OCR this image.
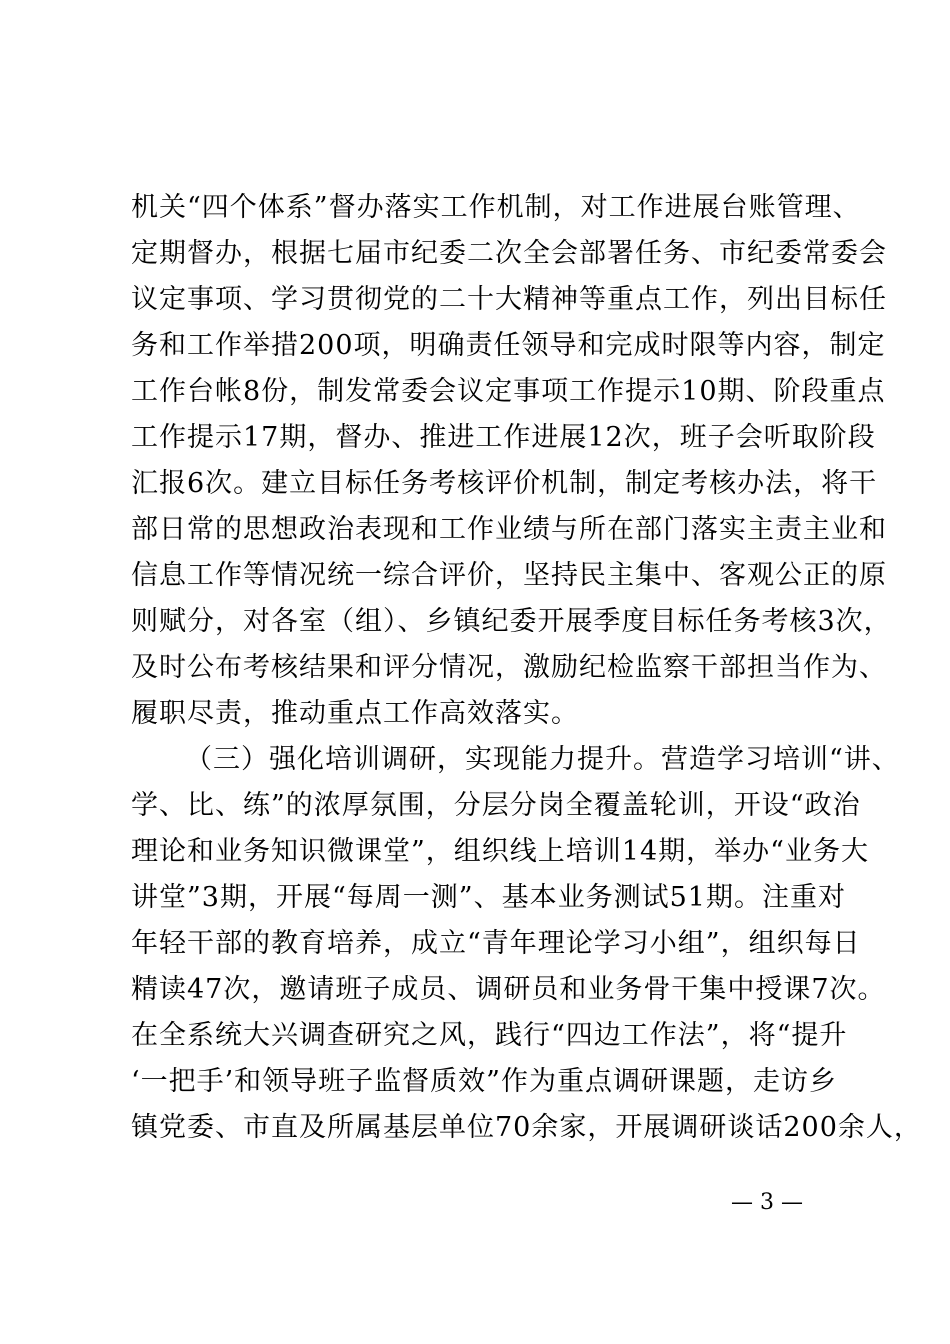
机关“四个体系”督办落实工作机制，对工作进展台账管理、
定期督办，根据七届市纪委二次全会部署任务、市纪委常委会
议定事项、学习贯彻党的二十大精神等重点工作，列出目标任
务和工作举措200项，明确责任领导和完成时限等内容，制定
工作台帐8份，制发常委会议定事项工作提示10期、阶段重点
工作提示17期，督办、推进工作进展12次，班子会听取阶段
汇报6次。建立目标任务考核评价机制，制定考核办法，将干
部日常的思想政治表现和工作业绩与所在部门落实主责主业和
信息工作等情况统一综合评价，坚持民主集中、客观公正的原
则赋分，对各室（组）、乡镇纪委开展季度目标任务考核3次，
及时公布考核结果和评分情况，激励纪检监察干部担当作为、
履职尽责，推动重点工作高效落实。
（三）强化培训调研，实现能力提升。营造学习培训“讲、
学、比、练”的浓厚氛围，分层分岗全覆盖轮训，开设“政治
理论和业务知识微课堂”，组织线上培训14期，举办“业务大
讲堂”3期，开展“每周一测”、基本业务测试51期。注重对
年轻干部的教育培养，成立“青年理论学习小组”，组织每日
精读47次，邀请班子成员、调研员和业务骨干集中授课7次。
在全系统大兴调查研究之风，践行“四边工作法”，将“提升
‘一把手’和领导班子监督质效”作为重点调研课题，走访乡
镇党委、市直及所属基层单位70余家，开展调研谈话200余人，
— 3 —
